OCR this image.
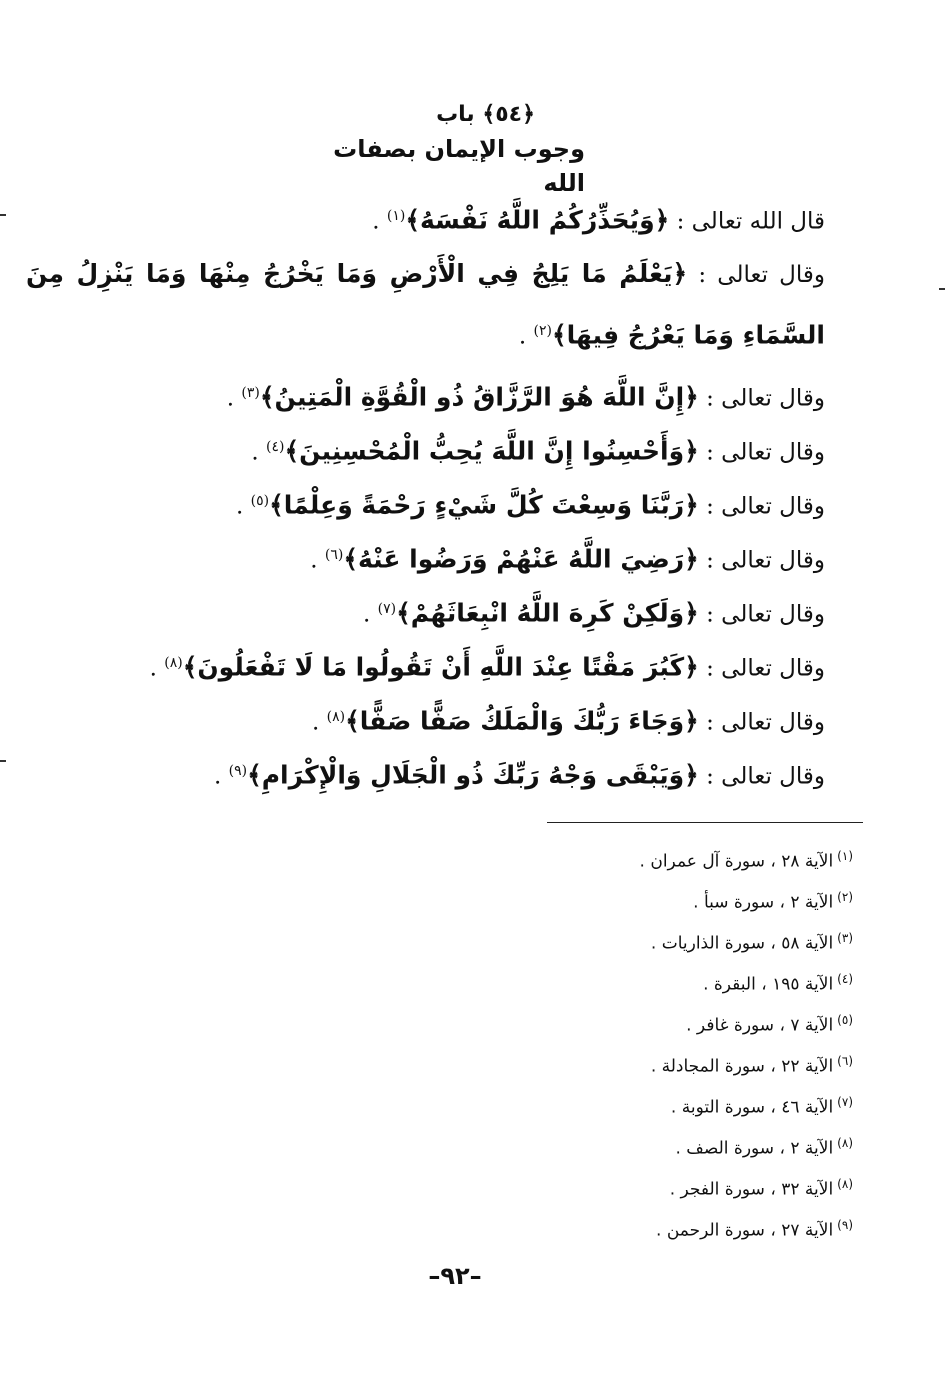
﴿٥٤﴾ باب
وجوب الإيمان بصفات الله
قال الله تعالى : ﴿وَيُحَذِّرُكُمُ اللَّهُ نَفْسَهُ﴾$^{(١)}$ .
وقال تعالى : ﴿يَعْلَمُ مَا يَلِجُ فِي الْأَرْضِ وَمَا يَخْرُجُ مِنْهَا وَمَا يَنْزِلُ مِنَ السَّمَاءِ وَمَا يَعْرُجُ فِيهَا﴾$^{(٢)}$ .
وقال تعالى : ﴿إِنَّ اللَّهَ هُوَ الرَّزَّاقُ ذُو الْقُوَّةِ الْمَتِينُ﴾$^{(٣)}$ .
وقال تعالى : ﴿وَأَحْسِنُوا إِنَّ اللَّهَ يُحِبُّ الْمُحْسِنِينَ﴾$^{(٤)}$ .
وقال تعالى : ﴿رَبَّنَا وَسِعْتَ كُلَّ شَيْءٍ رَحْمَةً وَعِلْمًا﴾$^{(٥)}$ .
وقال تعالى : ﴿رَضِيَ اللَّهُ عَنْهُمْ وَرَضُوا عَنْهُ﴾$^{(٦)}$ .
وقال تعالى : ﴿وَلَكِنْ كَرِهَ اللَّهُ انْبِعَاثَهُمْ﴾$^{(٧)}$ .
وقال تعالى : ﴿كَبُرَ مَقْتًا عِنْدَ اللَّهِ أَنْ تَقُولُوا مَا لَا تَفْعَلُونَ﴾$^{(٨)}$ .
وقال تعالى : ﴿وَجَاءَ رَبُّكَ وَالْمَلَكُ صَفًّا صَفًّا﴾$^{(٨)}$ .
وقال تعالى : ﴿وَيَبْقَى وَجْهُ رَبِّكَ ذُو الْجَلَالِ وَالْإِكْرَامِ﴾$^{(٩)}$ .
$^{(١)}$الآية ٢٨ ، سورة آل عمران .
$^{(٢)}$الآية ٢ ، سورة سبأ .
$^{(٣)}$الآية ٥٨ ، سورة الذاريات .
$^{(٤)}$الآية ١٩٥ ، البقرة .
$^{(٥)}$الآية ٧ ، سورة غافر .
$^{(٦)}$الآية ٢٢ ، سورة المجادلة .
$^{(٧)}$الآية ٤٦ ، سورة التوبة .
$^{(٨)}$الآية ٢ ، سورة الصف .
$^{(٨)}$الآية ٣٢ ، سورة الفجر .
$^{(٩)}$الآية ٢٧ ، سورة الرحمن .
–٩٢–
